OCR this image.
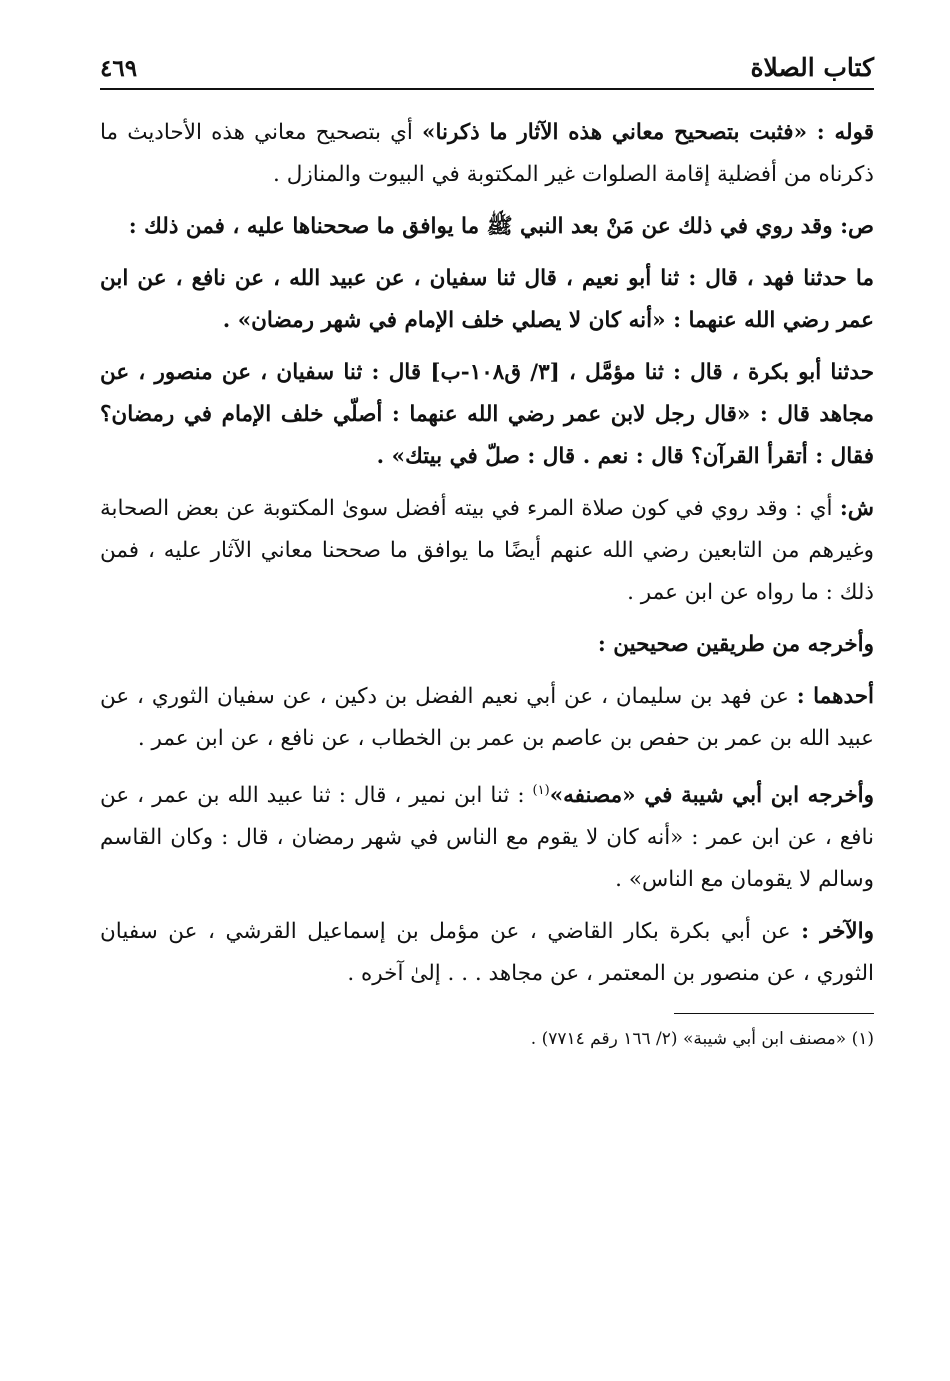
كتاب الصلاة
٤٦٩

قوله : «فثبت بتصحيح معاني هذه الآثار ما ذكرنا» أي بتصحيح معاني هذه الأحاديث ما ذكرناه من أفضلية إقامة الصلوات غير المكتوبة في البيوت والمنازل .

ص: وقد روي في ذلك عن مَنْ بعد النبي ﷺ ما يوافق ما صححناها عليه ، فمن ذلك :

ما حدثنا فهد ، قال : ثنا أبو نعيم ، قال ثنا سفيان ، عن عبيد الله ، عن نافع ، عن ابن عمر رضي الله عنهما : «أنه كان لا يصلي خلف الإمام في شهر رمضان» .

حدثنا أبو بكرة ، قال : ثنا مؤمَّل ، [٣/ ق١٠٨-ب] قال : ثنا سفيان ، عن منصور ، عن مجاهد قال : «قال رجل لابن عمر رضي الله عنهما : أصلّي خلف الإمام في رمضان؟ فقال : أتقرأ القرآن؟ قال : نعم . قال : صلّ في بيتك» .

ش: أي : وقد روي في كون صلاة المرء في بيته أفضل سوىٰ المكتوبة عن بعض الصحابة وغيرهم من التابعين رضي الله عنهم أيضًا ما يوافق ما صححنا معاني الآثار عليه ، فمن ذلك : ما رواه عن ابن عمر .

وأخرجه من طريقين صحيحين :

أحدهما : عن فهد بن سليمان ، عن أبي نعيم الفضل بن دكين ، عن سفيان الثوري ، عن عبيد الله بن عمر بن حفص بن عاصم بن عمر بن الخطاب ، عن نافع ، عن ابن عمر .

وأخرجه ابن أبي شيبة في «مصنفه»$^{(١)}$ : ثنا ابن نمير ، قال : ثنا عبيد الله بن عمر ، عن نافع ، عن ابن عمر : «أنه كان لا يقوم مع الناس في شهر رمضان ، قال : وكان القاسم وسالم لا يقومان مع الناس» .

والآخر : عن أبي بكرة بكار القاضي ، عن مؤمل بن إسماعيل القرشي ، عن سفيان الثوري ، عن منصور بن المعتمر ، عن مجاهد . . . إلىٰ آخره .

(١) «مصنف ابن أبي شيبة» (٢/ ١٦٦ رقم ٧٧١٤) .
